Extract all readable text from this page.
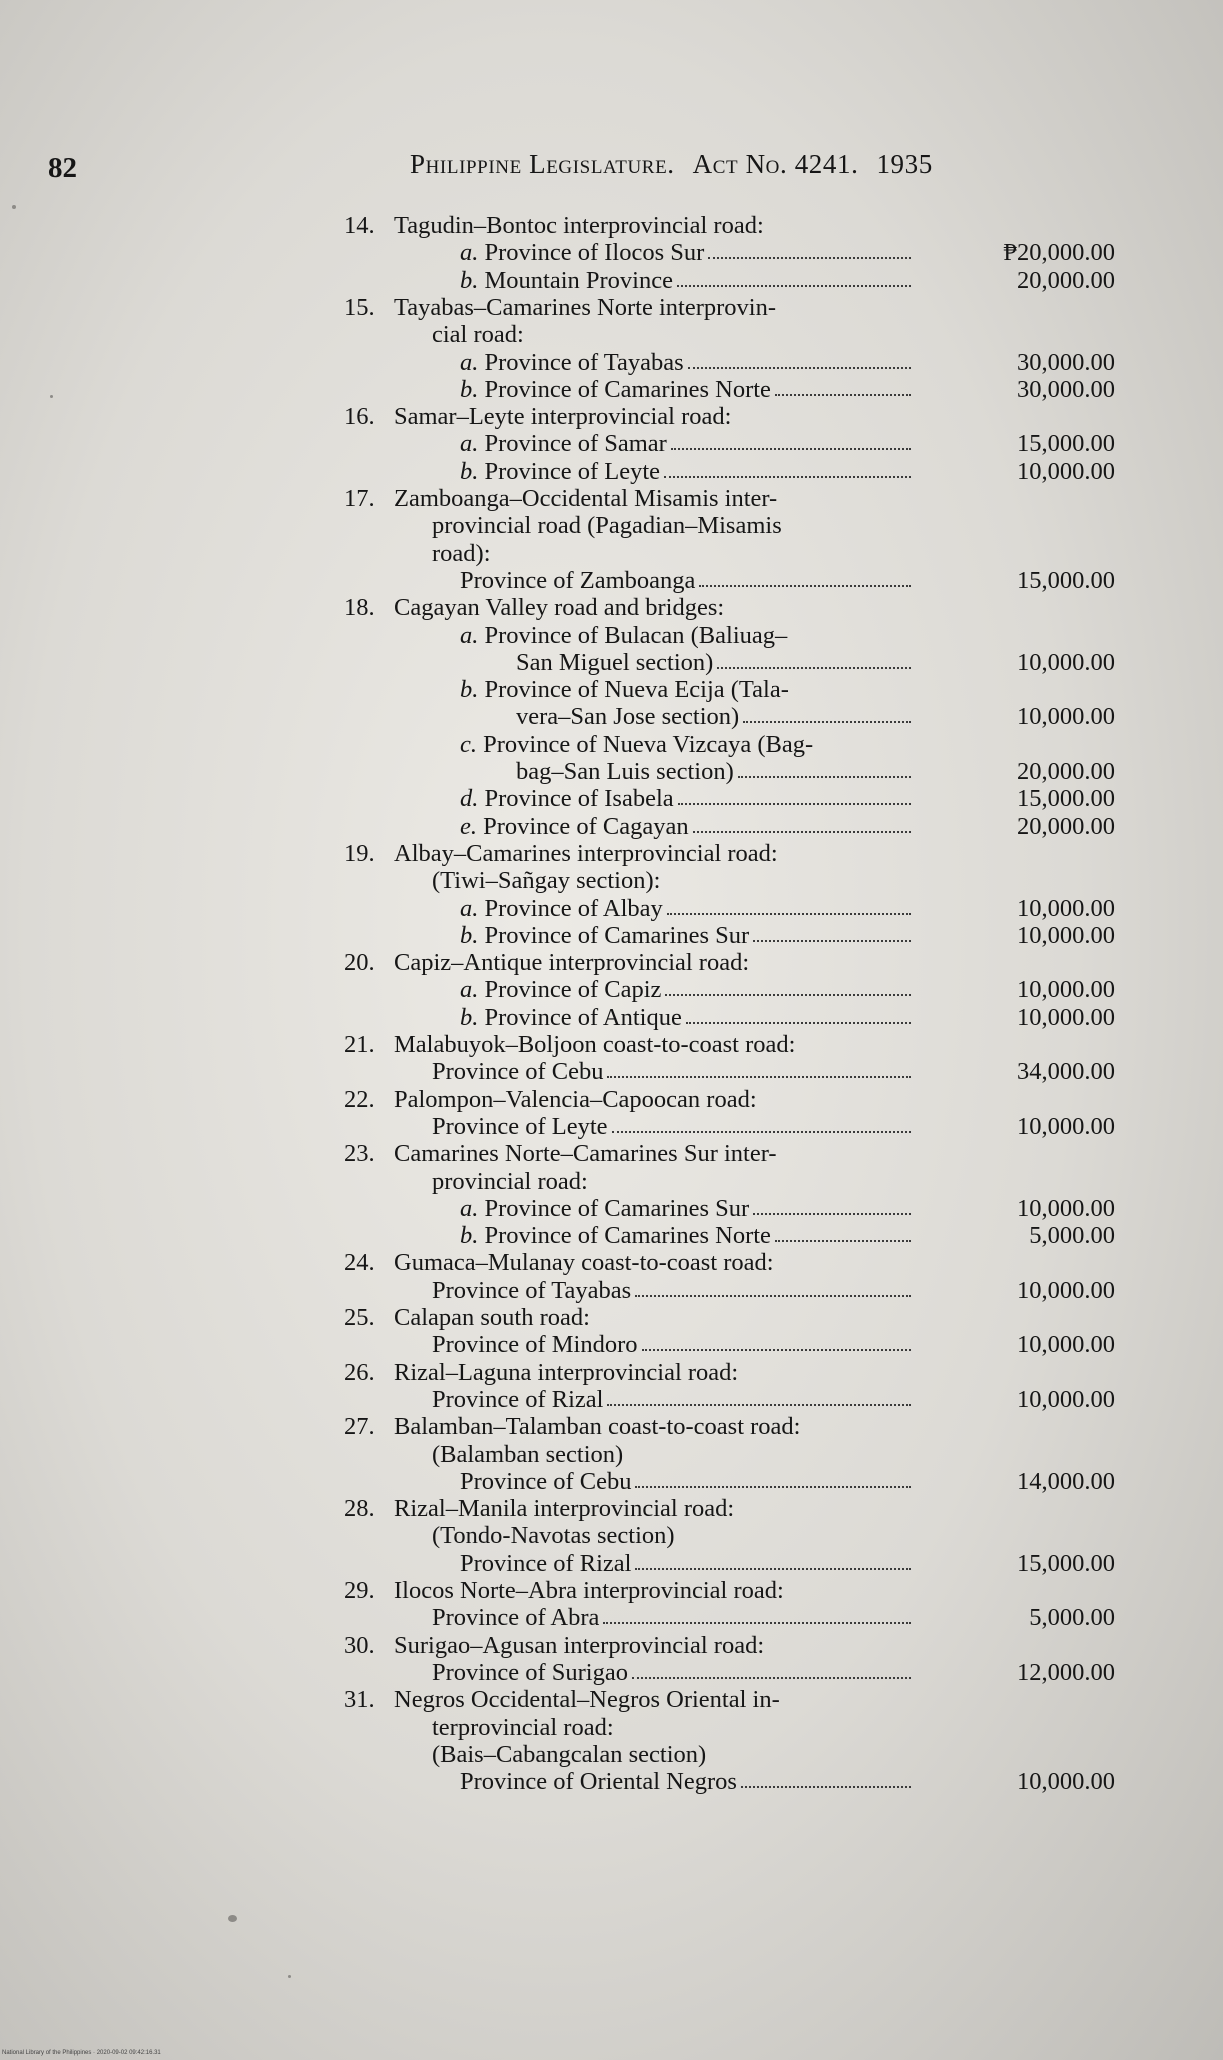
82	Philippine Legislature. Act No. 4241. 1935
14. Tagudin–Bontoc interprovincial road:
a.
Province of Ilocos Sur	₱20,000.00
b.
Mountain Province	20,000.00
15. Tayabas–Camarines Norte interprovin-
cial road:
a.
Province of Tayabas	30,000.00
b.
Province of Camarines Norte	30,000.00
16. Samar–Leyte interprovincial road:
a.
Province of Samar	15,000.00
b.
Province of Leyte	10,000.00
17. Zamboanga–Occidental Misamis inter-
provincial road (Pagadian–Misamis
road):
Province of Zamboanga	15,000.00
18. Cagayan Valley road and bridges:
a. Province of Bulacan (Baliuag–
San Miguel section)	10,000.00
b. Province of Nueva Ecija (Tala-
vera–San Jose section)	10,000.00
c. Province of Nueva Vizcaya (Bag-
bag–San Luis section)	20,000.00
d.
Province of Isabela	15,000.00
e.
Province of Cagayan	20,000.00
19. Albay–Camarines interprovincial road:
(Tiwi–Sañgay section):
a.
Province of Albay	10,000.00
b.
Province of Camarines Sur	10,000.00
20. Capiz–Antique interprovincial road:
a.
Province of Capiz	10,000.00
b.
Province of Antique	10,000.00
21. Malabuyok–Boljoon coast-to-coast road:
Province of Cebu	34,000.00
22. Palompon–Valencia–Capoocan road:
Province of Leyte	10,000.00
23. Camarines Norte–Camarines Sur inter-
provincial road:
a.
Province of Camarines Sur	10,000.00
b.
Province of Camarines Norte	5,000.00
24. Gumaca–Mulanay coast-to-coast road:
Province of Tayabas	10,000.00
25. Calapan south road:
Province of Mindoro	10,000.00
26. Rizal–Laguna interprovincial road:
Province of Rizal	10,000.00
27. Balamban–Talamban coast-to-coast road:
(Balamban section)
Province of Cebu	14,000.00
28. Rizal–Manila interprovincial road:
(Tondo-Navotas section)
Province of Rizal	15,000.00
29. Ilocos Norte–Abra interprovincial road:
Province of Abra	5,000.00
30. Surigao–Agusan interprovincial road:
Province of Surigao	12,000.00
31. Negros Occidental–Negros Oriental in-
terprovincial road:
(Bais–Cabangcalan section)
Province of Oriental Negros	10,000.00
National Library of the Philippines · 2020-09-02 09:42:16.31
